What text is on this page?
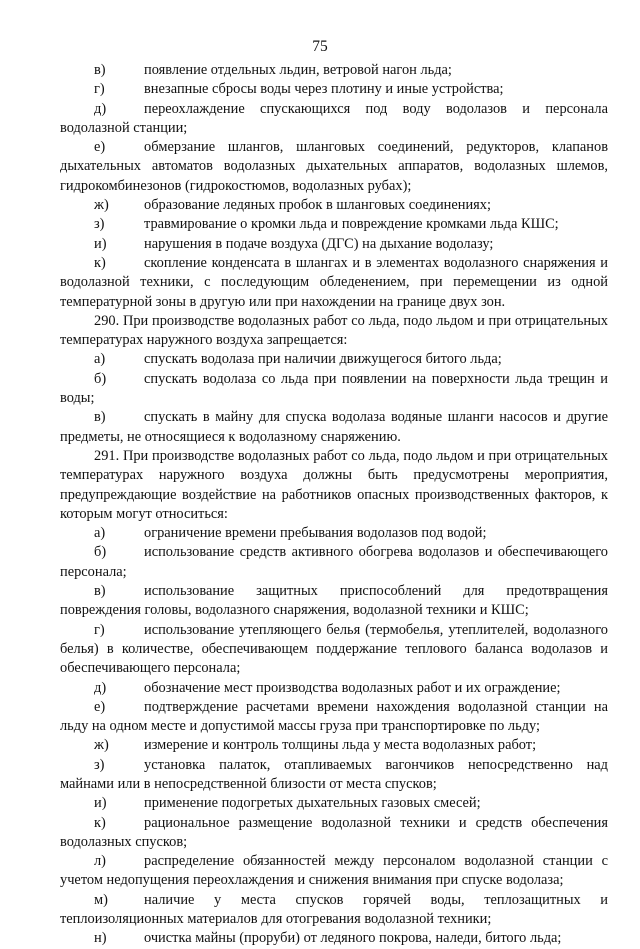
75

в)	появление отдельных льдин, ветровой нагон льда;

г)	внезапные сбросы воды через плотину и иные устройства;

д)	переохлаждение спускающихся под воду водолазов и персонала водолазной станции;

е)	обмерзание шлангов, шланговых соединений, редукторов, клапанов дыхательных автоматов водолазных дыхательных аппаратов, водолазных шлемов, гидрокомбинезонов (гидрокостюмов, водолазных рубах);

ж) образование ледяных пробок в шланговых соединениях;

з)	травмирование о кромки льда и повреждение кромками льда КШС;

и)	нарушения в подаче воздуха (ДГС) на дыхание водолазу;

к)	скопление конденсата в шлангах и в элементах водолазного снаряжения и водолазной техники, с последующим обледенением, при перемещении из одной температурной зоны в другую или при нахождении на границе двух зон.

290. При производстве водолазных работ со льда, подо льдом и при отрицательных температурах наружного воздуха запрещается:

а)	спускать водолаза при наличии движущегося битого льда;

б)	спускать водолаза со льда при появлении на поверхности льда трещин и воды;

в)	спускать в майну для спуска водолаза водяные шланги насосов и другие предметы, не относящиеся к водолазному снаряжению.

291. При производстве водолазных работ со льда, подо льдом и при отрицательных температурах наружного воздуха должны быть предусмотрены мероприятия, предупреждающие воздействие на работников опасных производственных факторов, к которым могут относиться:

а)	ограничение времени пребывания водолазов под водой;

б)	использование средств активного обогрева водолазов и обеспечивающего персонала;

в)	использование защитных приспособлений для предотвращения повреждения головы, водолазного снаряжения, водолазной техники и КШС;

г)	использование утепляющего белья (термобелья, утеплителей, водолазного белья) в количестве, обеспечивающем поддержание теплового баланса водолазов и обеспечивающего персонала;

д)	обозначение мест производства водолазных работ и их ограждение;

е)	подтверждение расчетами времени нахождения водолазной станции на льду на одном месте и допустимой массы груза при транспортировке по льду;

ж) измерение и контроль толщины льда у места водолазных работ;

з)	установка палаток, отапливаемых вагончиков непосредственно над майнами или в непосредственной близости от места спусков;

и)	применение подогретых дыхательных газовых смесей;

к)	рациональное размещение водолазной техники и средств обеспечения водолазных спусков;

л)	распределение обязанностей между персоналом водолазной станции с учетом недопущения переохлаждения и снижения внимания при спуске водолаза;

м)	наличие у места спусков горячей воды, теплозащитных и теплоизоляционных материалов для отогревания водолазной техники;

н)	очистка майны (проруби) от ледяного покрова, наледи, битого льда;
